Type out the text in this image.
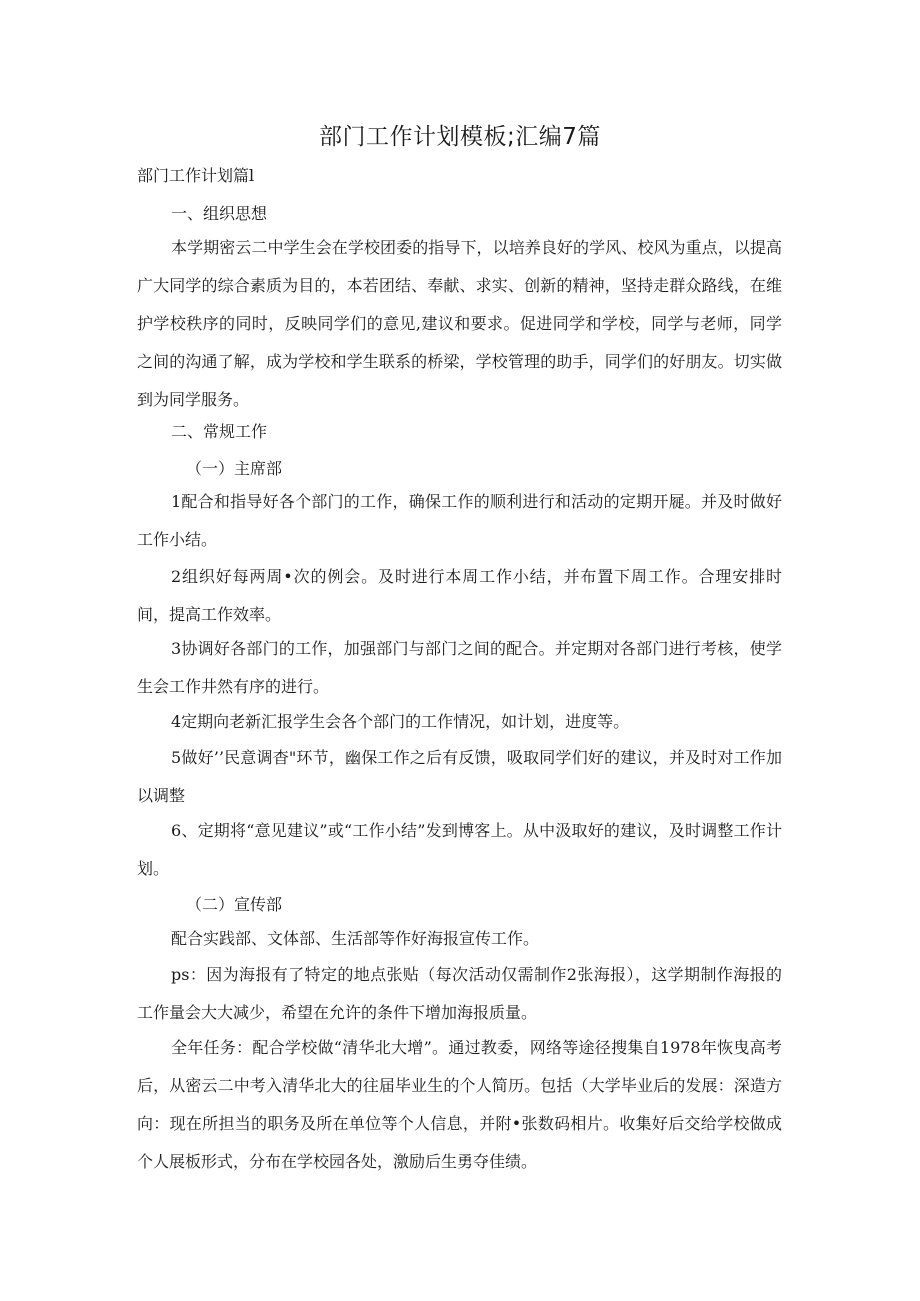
部门工作计划模板;汇编7篇
部门工作计划篇l
一、组织思想

本学期密云二中学生会在学校团委的指导下，以培养良好的学风、校风为重点，以提高广大同学的综合素质为目的，本若团结、奉献、求实、创新的精神，坚持走群众路线，在维护学校秩序的同时，反映同学们的意见,建议和要求。促进同学和学校，同学与老师，同学之间的沟通了解，成为学校和学生联系的桥梁，学校管理的助手，同学们的好朋友。切实做到为同学服务。

二、常规工作
（一）主席部

1配合和指导好各个部门的工作，确保工作的顺利进行和活动的定期开屣。并及时做好工作小结。

2组织好每两周•次的例会。及时进行本周工作小结，并布置下周工作。合理安排时间，提高工作效率。

3协调好各部门的工作，加强部门与部门之间的配合。并定期对各部门进行考核，使学生会工作井然有序的进行。

4定期向老新汇报学生会各个部门的工作情况，如计划，进度等。

5做好’’民意调杳"环节，幽保工作之后有反馈，吸取同学们好的建议，并及时对工作加以调整

6、定期将“意见建议”或“工作小结”发到博客上。从中汲取好的建议，及时调整工作计划。

（二）宣传部

配合实践部、文体部、生活部等作好海报宣传工作。

ps：因为海报有了特定的地点张贴（每次活动仅需制作2张海报），这学期制作海报的工作量会大大减少，希望在允许的条件下增加海报质量。

全年任务：配合学校做“清华北大增”。通过教委，网络等途径搜集自1978年恢曳高考后，从密云二中考入清华北大的往届毕业生的个人简历。包括（大学毕业后的发展：深造方向：现在所担当的职务及所在单位等个人信息，并附•张数码相片。收集好后交给学校做成个人展板形式，分布在学校园各处，激励后生勇夺佳绩。
